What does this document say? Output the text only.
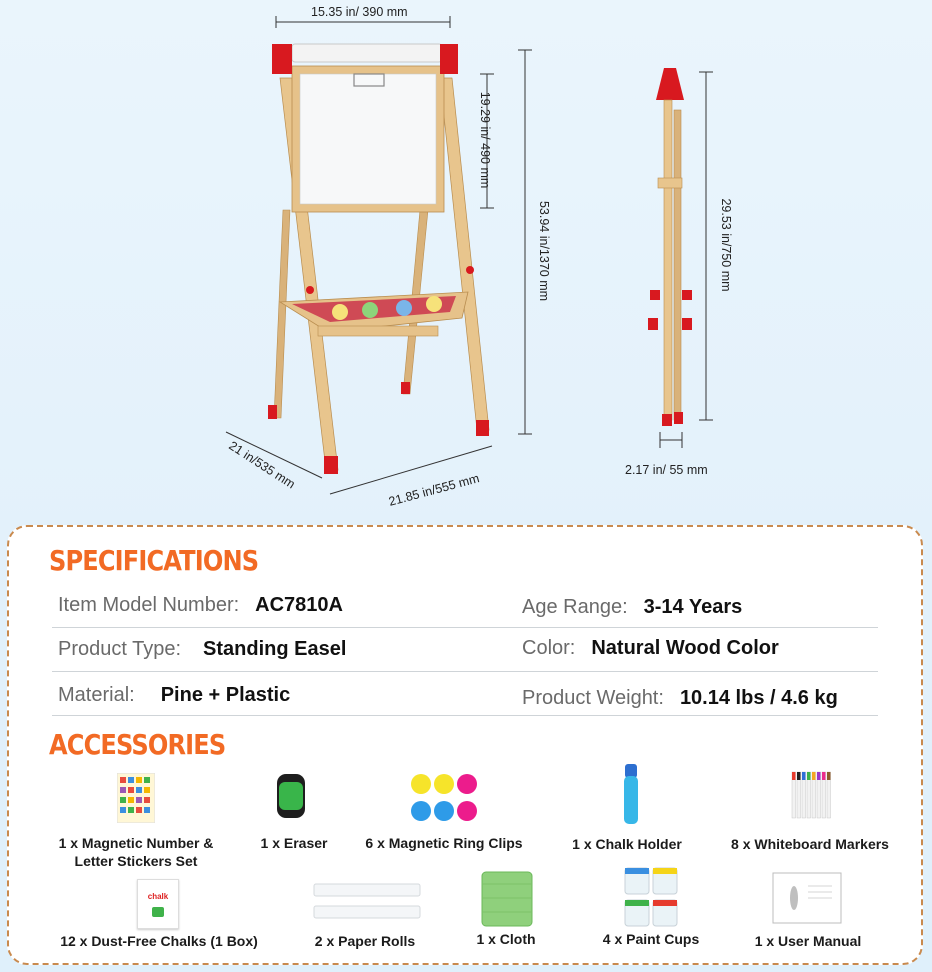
15.35 in/ 390 mm
19.29 in/ 490 mm
53.94 in/1370 mm	29.53 in/750 mm
21 in/535 mm	21.85 in/555 mm
2.17 in/ 55 mm
SPECIFICATIONS
Item Model Number: AC7810A	Age Range: 3-14 Years
Product Type: Standing Easel	Color: Natural Wood Color
Material: Pine + Plastic	Product Weight: 10.14 lbs / 4.6 kg
ACCESSORIES
chalk
1 x Magnetic Number &
Letter Stickers Set
1 x Eraser	6 x Magnetic Ring Clips	1 x Chalk Holder	8 x Whiteboard Markers
12 x Dust-Free Chalks (1 Box)	2 x Paper Rolls	1 x Cloth	4 x Paint Cups	1 x User Manual
